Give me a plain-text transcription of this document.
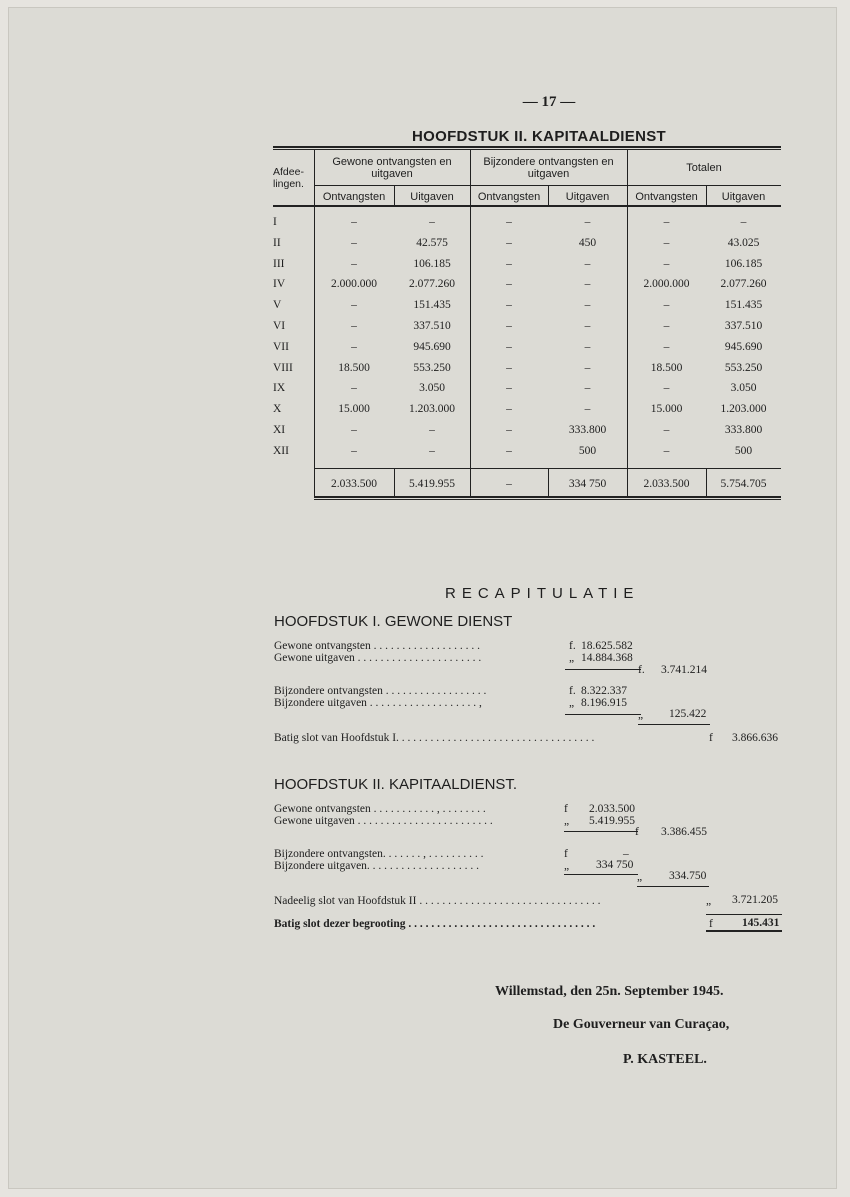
— 17 —
HOOFDSTUK II. KAPITAALDIENST
Afdee-lingen.
Gewone ontvangsten en uitgaven
Bijzondere ontvangsten en uitgaven	Totalen
Ontvangsten	Uitgaven	Ontvangsten	Uitgaven	Ontvangsten	Uitgaven
I	–	–	–	–	–	–
II	–	42.575	–	450	–	43.025
III	–	106.185	–	–	–	106.185
IV	2.000.000	2.077.260	–	–	2.000.000	2.077.260
V	–	151.435	–	–	–	151.435
VI	–	337.510	–	–	–	337.510
VII	–	945.690	–	–	–	945.690
VIII	18.500	553.250	–	–	18.500	553.250
IX	–	3.050	–	–	–	3.050
X	15.000	1.203.000	–	–	15.000	1.203.000
XI	–	–	–	333.800	–	333.800
XII	–	–	–	500	–	500
2.033.500	5.419.955	–	334 750	2.033.500	5.754.705
RECAPITULATIE
HOOFDSTUK I. GEWONE DIENST
Gewone ontvangsten . . . . . . . . . . . . . . . . . . .	f. 18.625.582
Gewone uitgaven . . . . . . . . . . . . . . . . . . . . . .	„ 14.884.368
f. 3.741.214
Bijzondere ontvangsten . . . . . . . . . . . . . . . . . .	f. 8.322.337
Bijzondere uitgaven . . . . . . . . . . . . . . . . . . . ,	„ 8.196.915
„ 125.422
Batig slot van Hoofdstuk I. . . . . . . . . . . . . . . . . . . . . . . . . . . . . . . . . . .	f 3.866.636
HOOFDSTUK II. KAPITAALDIENST.
Gewone ontvangsten . . . . . . . . . . . , . . . . . . . .	f 2.033.500
Gewone uitgaven . . . . . . . . . . . . . . . . . . . . . . . .	„ 5.419.955
f 3.386.455
Bijzondere ontvangsten. . . . . . . , . . . . . . . . . .	f	–
Bijzondere uitgaven. . . . . . . . . . . . . . . . . . . .	„ 334 750
„ 334.750
Nadeelig slot van Hoofdstuk II . . . . . . . . . . . . . . . . . . . . . . . . . . . . . . . .	„ 3.721.205
Batig slot dezer begrooting . . . . . . . . . . . . . . . . . . . . . . . . . . . . . . . . .	f	145.431
Willemstad, den 25n. September 1945.
De Gouverneur van Curaçao,
P. KASTEEL.
